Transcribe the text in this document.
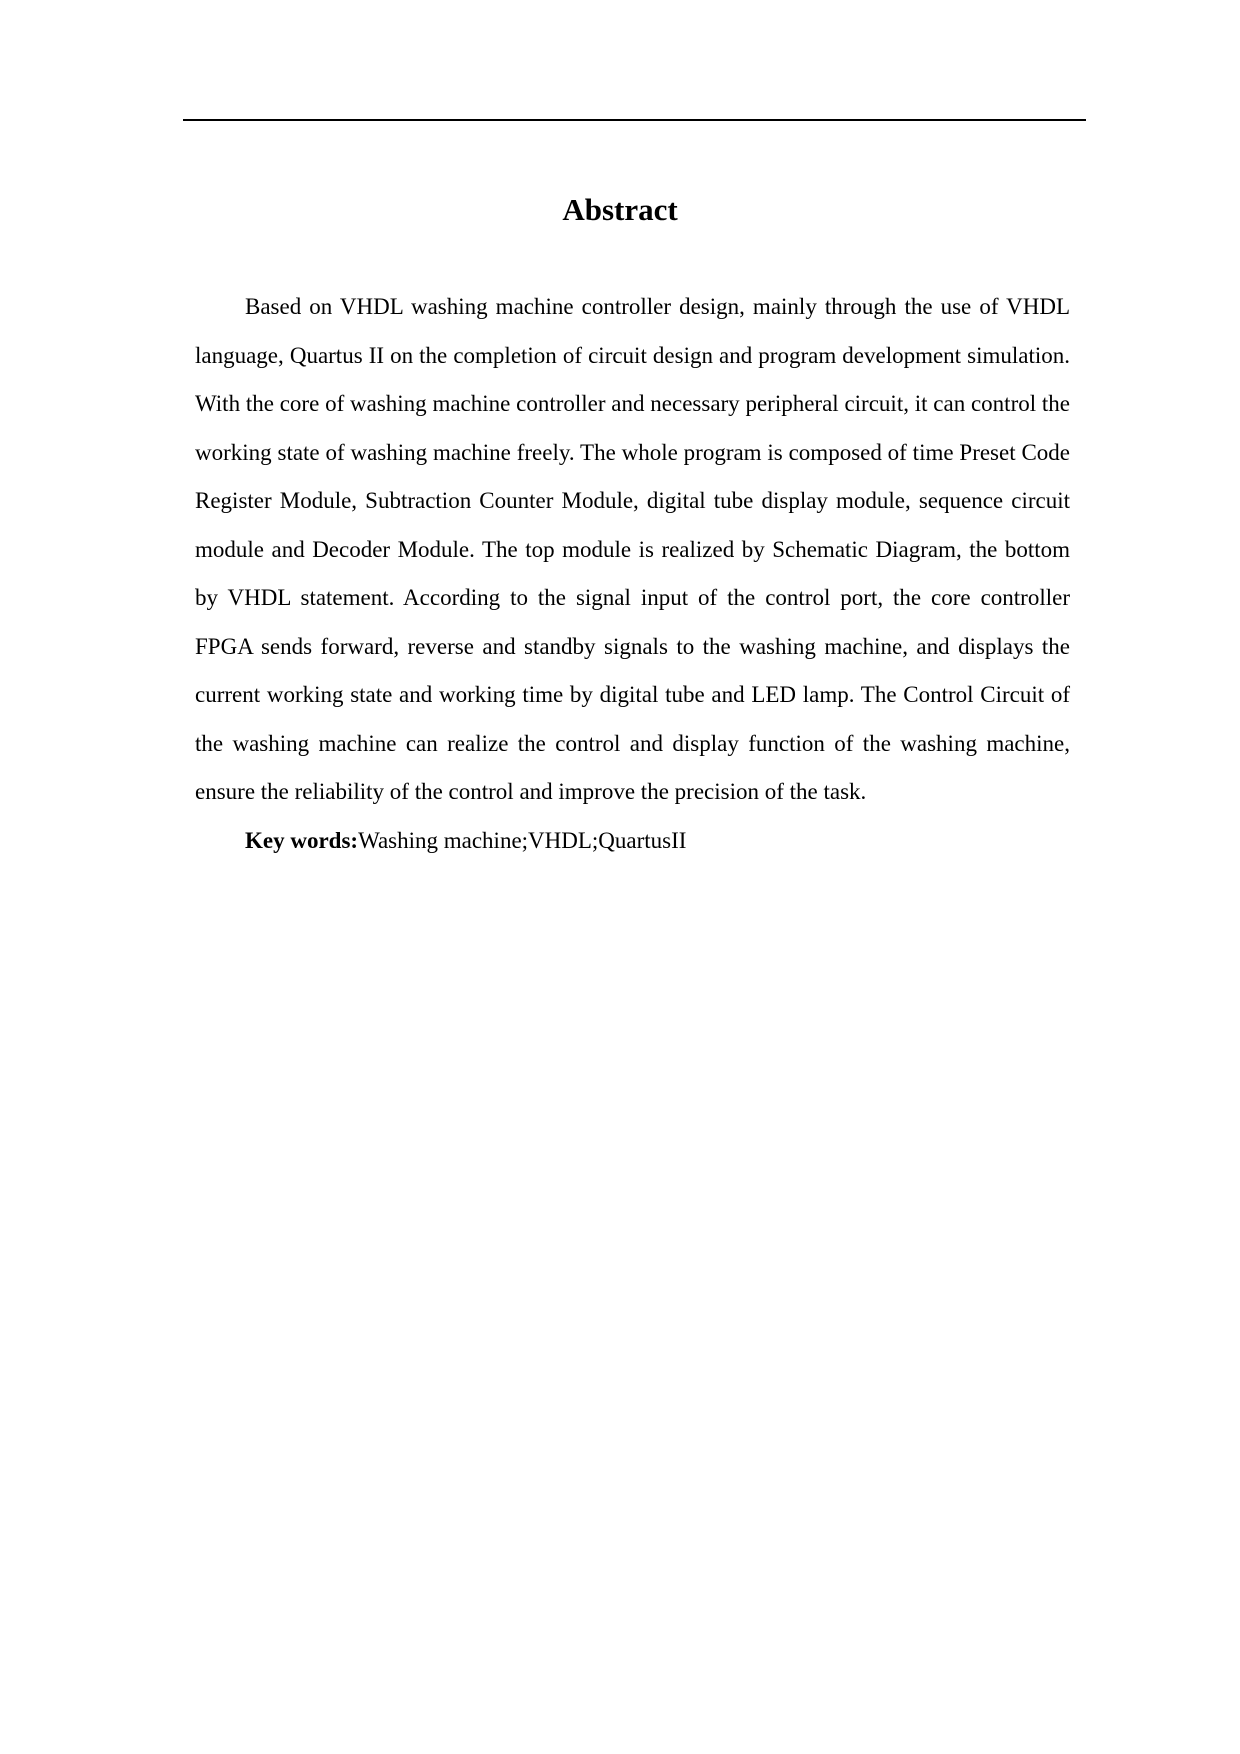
Abstract

Based on VHDL washing machine controller design, mainly through the use of VHDL language, Quartus II on the completion of circuit design and program development simulation. With the core of washing machine controller and necessary peripheral circuit, it can control the working state of washing machine freely. The whole program is composed of time Preset Code Register Module, Subtraction Counter Module, digital tube display module, sequence circuit module and Decoder Module. The top module is realized by Schematic Diagram, the bottom by VHDL statement. According to the signal input of the control port, the core controller FPGA sends forward, reverse and standby signals to the washing machine, and displays the current working state and working time by digital tube and LED lamp. The Control Circuit of the washing machine can realize the control and display function of the washing machine, ensure the reliability of the control and improve the precision of the task.

Key words:Washing machine;VHDL;QuartusII
